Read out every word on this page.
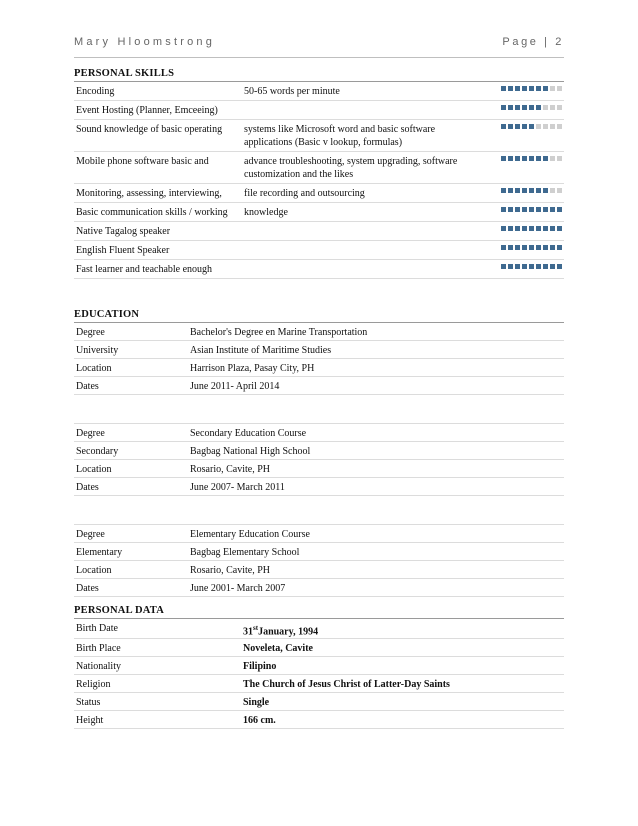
Mary Hloomstrong	Page | 2
PERSONAL SKILLS
Encoding	50-65 words per minute	

Event Hosting (Planner, Emceeing)		

Sound knowledge of basic operating	systems like Microsoft word and basic software applications (Basic v lookup, formulas)	

Mobile phone software basic and	advance troubleshooting, system upgrading, software customization and the likes	

Monitoring, assessing, interviewing,	file recording and outsourcing	

Basic communication skills / working	knowledge	

Native Tagalog speaker		

English Fluent Speaker		

Fast learner and teachable enough		
EDUCATION
Degree	Bachelor's Degree en Marine Transportation
University	Asian Institute of Maritime Studies
Location	Harrison Plaza, Pasay City, PH
Dates	June 2011- April 2014

Degree	Secondary Education Course
Secondary	Bagbag National High School
Location	Rosario, Cavite, PH
Dates	June 2007- March 2011

Degree	Elementary Education Course
Elementary	Bagbag Elementary School
Location	Rosario, Cavite, PH
Dates	June 2001- March 2007
PERSONAL DATA
Birth Date	31stJanuary, 1994
Birth Place	Noveleta, Cavite
Nationality	Filipino
Religion	The Church of Jesus Christ of Latter-Day Saints
Status	Single
Height	166 cm.
